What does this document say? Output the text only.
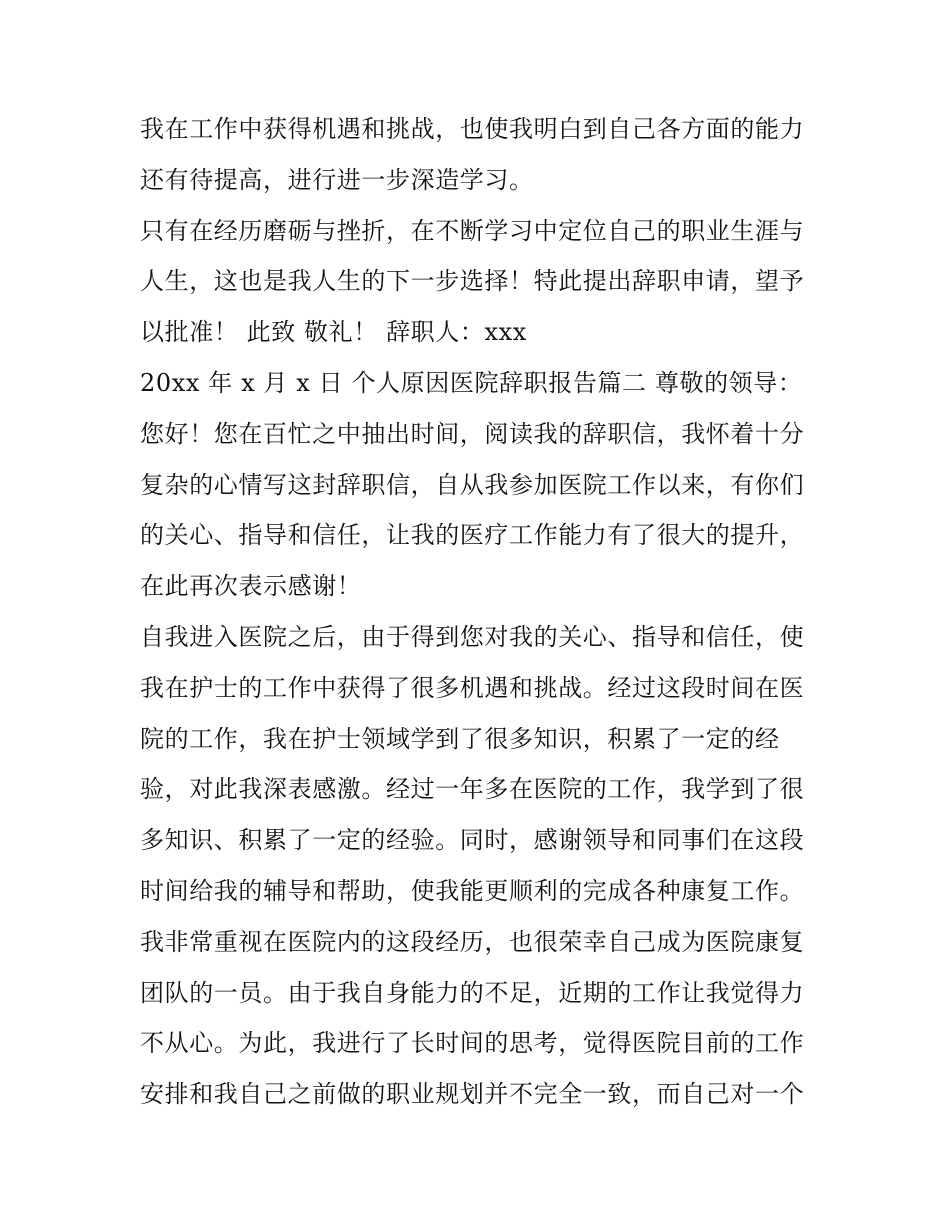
我在工作中获得机遇和挑战，也使我明白到自己各方面的能力
还有待提高，进行进一步深造学习。
只有在经历磨砺与挫折，在不断学习中定位自己的职业生涯与
人生，这也是我人生的下一步选择！特此提出辞职申请，望予
以批准！ 此致 敬礼！ 辞职人：xxx
20xx 年 x 月 x 日 个人原因医院辞职报告篇二 尊敬的领导：
您好！您在百忙之中抽出时间，阅读我的辞职信，我怀着十分
复杂的心情写这封辞职信，自从我参加医院工作以来，有你们
的关心、指导和信任，让我的医疗工作能力有了很大的提升，
在此再次表示感谢！
自我进入医院之后，由于得到您对我的关心、指导和信任，使
我在护士的工作中获得了很多机遇和挑战。经过这段时间在医
院的工作，我在护士领域学到了很多知识，积累了一定的经
验，对此我深表感激。经过一年多在医院的工作，我学到了很
多知识、积累了一定的经验。同时，感谢领导和同事们在这段
时间给我的辅导和帮助，使我能更顺利的完成各种康复工作。
我非常重视在医院内的这段经历，也很荣幸自己成为医院康复
团队的一员。由于我自身能力的不足，近期的工作让我觉得力
不从心。为此，我进行了长时间的思考，觉得医院目前的工作
安排和我自己之前做的职业规划并不完全一致，而自己对一个
